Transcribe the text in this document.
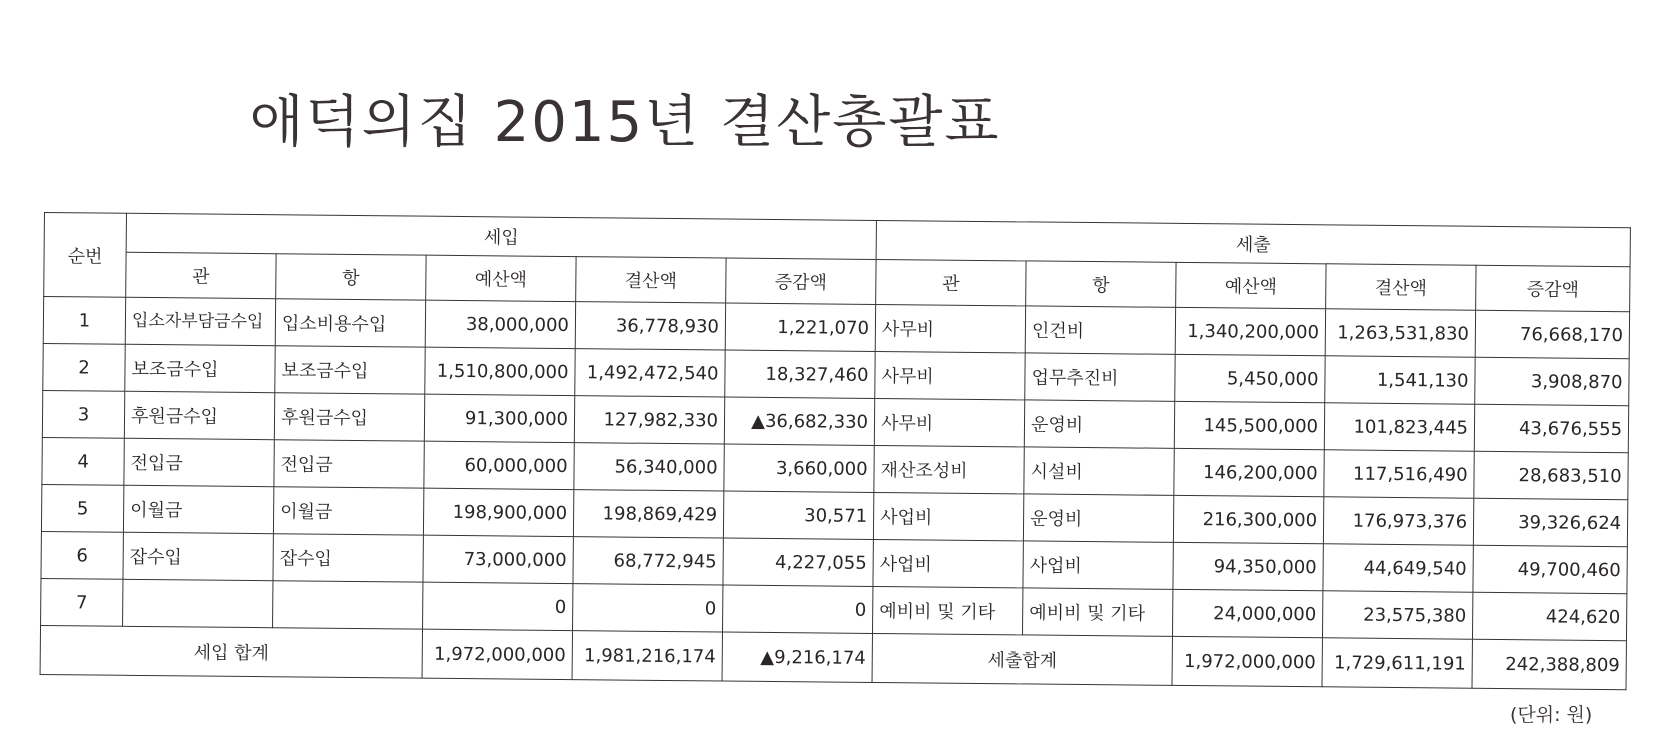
애덕의집 2015년 결산총괄표
순번	세입					세출				
	관	항	예산액	결산액	증감액	관	항	예산액	결산액	증감액
1	입소자부담금수입	입소비용수입	38,000,000	36,778,930	1,221,070	사무비	인건비	1,340,200,000	1,263,531,830	76,668,170
2	보조금수입	보조금수입	1,510,800,000	1,492,472,540	18,327,460	사무비	업무추진비	5,450,000	1,541,130	3,908,870
3	후원금수입	후원금수입	91,300,000	127,982,330	▲36,682,330	사무비	운영비	145,500,000	101,823,445	43,676,555
4	전입금	전입금	60,000,000	56,340,000	3,660,000	재산조성비	시설비	146,200,000	117,516,490	28,683,510
5	이월금	이월금	198,900,000	198,869,429	30,571	사업비	운영비	216,300,000	176,973,376	39,326,624
6	잡수입	잡수입	73,000,000	68,772,945	4,227,055	사업비	사업비	94,350,000	44,649,540	49,700,460
7			0	0	0	예비비 및 기타	예비비 및 기타	24,000,000	23,575,380	424,620
세입 합계			1,972,000,000	1,981,216,174	▲9,216,174	세출합계		1,972,000,000	1,729,611,191	242,388,809
(단위: 원)
